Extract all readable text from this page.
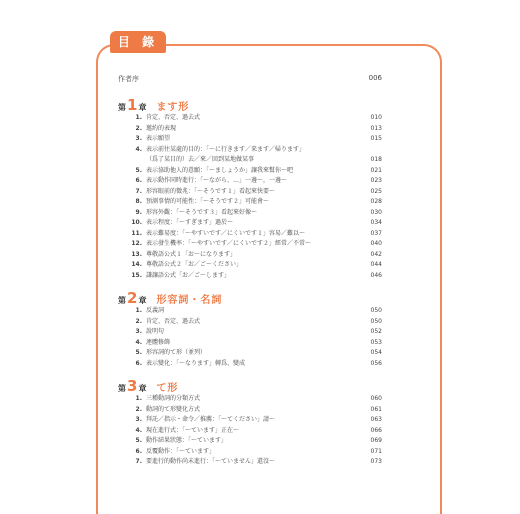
目 錄
作者序	006
第1章 ます形
1. 肯定、否定、過去式	010
2. 邀約的表現	013
3. 表示願望	015
4. 表示前往某處的目的：「〜に行きます／来ます／帰ります」
（爲了某目的）去／來／回到某地做某事	018
5. 表示協助他人的意願：「〜ましょうか」讓我來幫你〜吧	021
6. 表示動作同時進行：「〜ながら、…」一邊〜，一邊〜	023
7. 形容眼前的徵兆：「〜そうです１」看起來快要〜	025
8. 預測事情的可能性：「〜そうです２」可能會〜	028
9. 形容外觀：「〜そうです３」看起來好像〜	030
10. 表示程度：「〜すぎます」過於〜	034
11. 表示難易度：「〜やすいです／にくいです１」容易／難以〜	037
12. 表示發生機率：「〜やすいです／にくいです２」經常／不常〜	040
13. 尊敬語公式１「お〜になります」	042
14. 尊敬語公式２「お／ご〜ください」	044
15. 謙讓語公式「お／ご〜します」	046
第2章 形容詞・名詞
1. 反義詞	050
2. 肯定、否定、過去式	050
3. 說明句	052
4. 連體修飾	053
5. 形容詞的て形（並列）	054
6. 表示變化：「〜なります」轉爲、變成	056
第3章 て形
1. 三種動詞的分類方式	060
2. 動詞的て形變化方式	061
3. 拜託／指示・命令／推薦：「〜てください」請〜	063
4. 現在進行式：「〜ています」正在〜	066
5. 動作結果狀態：「〜ています」	069
6. 反覆動作：「〜ています」	071
7. 要進行的動作尚未進行：「〜ていません」還沒〜	073
